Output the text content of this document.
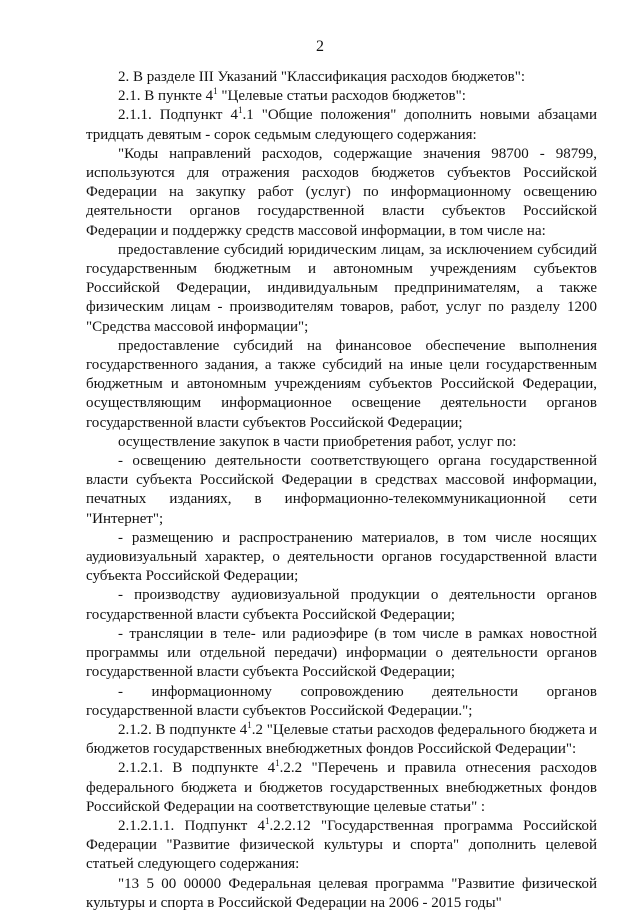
2

2. В разделе III Указаний "Классификация расходов бюджетов":

2.1. В пункте $4^1$ "Целевые статьи расходов бюджетов":

2.1.1. Подпункт $4^1.1$ "Общие положения" дополнить новыми абзацами тридцать девятым - сорок седьмым следующего содержания:

"Коды направлений расходов, содержащие значения 98700 - 98799, используются для отражения расходов бюджетов субъектов Российской Федерации на закупку работ (услуг) по информационному освещению деятельности органов государственной власти субъектов Российской Федерации и поддержку средств массовой информации, в том числе на:

предоставление субсидий юридическим лицам, за исключением субсидий государственным бюджетным и автономным учреждениям субъектов Российской Федерации, индивидуальным предпринимателям, а также физическим лицам - производителям товаров, работ, услуг по разделу 1200 "Средства массовой информации";

предоставление субсидий на финансовое обеспечение выполнения государственного задания, а также субсидий на иные цели государственным бюджетным и автономным учреждениям субъектов Российской Федерации, осуществляющим информационное освещение деятельности органов государственной власти субъектов Российской Федерации;

осуществление закупок в части приобретения работ, услуг по:

- освещению деятельности соответствующего органа государственной власти субъекта Российской Федерации в средствах массовой информации, печатных изданиях, в информационно-телекоммуникационной сети "Интернет";

- размещению и распространению материалов, в том числе носящих аудиовизуальный характер, о деятельности органов государственной власти субъекта Российской Федерации;

- производству аудиовизуальной продукции о деятельности органов государственной власти субъекта Российской Федерации;

- трансляции в теле- или радиоэфире (в том числе в рамках новостной программы или отдельной передачи) информации о деятельности органов государственной власти субъекта Российской Федерации;

- информационному сопровождению деятельности органов государственной власти субъектов Российской Федерации.";

2.1.2. В подпункте $4^1.2$ "Целевые статьи расходов федерального бюджета и бюджетов государственных внебюджетных фондов Российской Федерации":

2.1.2.1. В подпункте $4^1.2.2$ "Перечень и правила отнесения расходов федерального бюджета и бюджетов государственных внебюджетных фондов Российской Федерации на соответствующие целевые статьи" :

2.1.2.1.1. Подпункт $4^1.2.2.12$ "Государственная программа Российской Федерации "Развитие физической культуры и спорта" дополнить целевой статьей следующего содержания:

"13 5 00 00000 Федеральная целевая программа "Развитие физической культуры и спорта в Российской Федерации на 2006 - 2015 годы"
